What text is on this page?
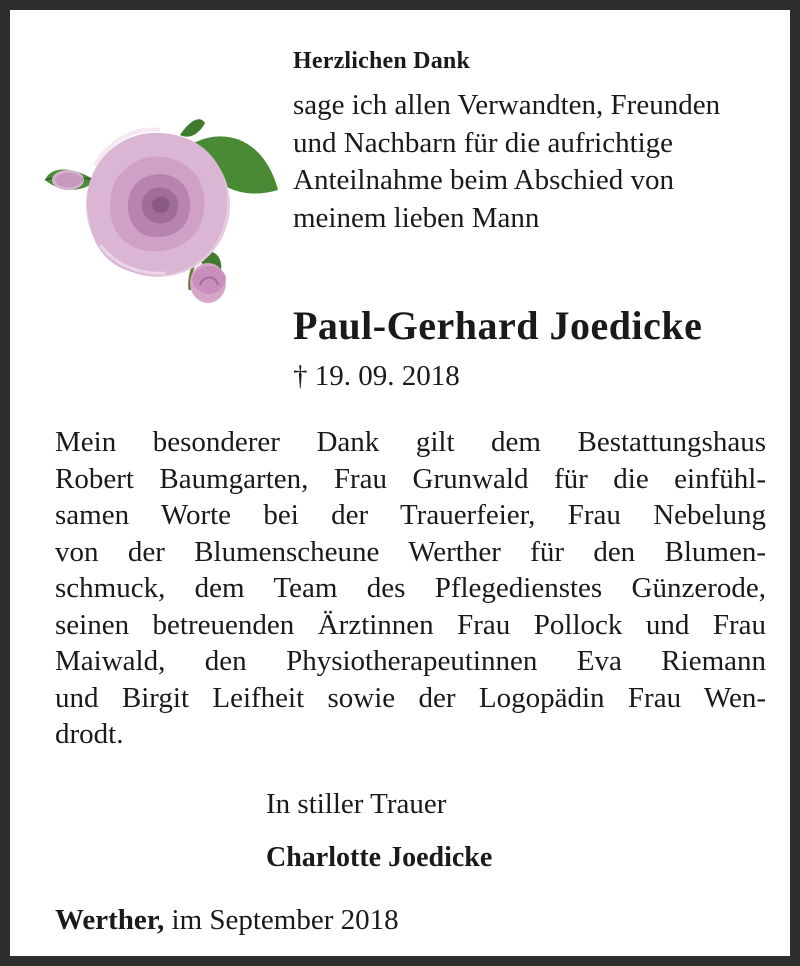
Herzlichen Dank

sage ich allen Verwandten, Freunden und Nachbarn für die aufrichtige Anteilnahme beim Abschied von meinem lieben Mann

Paul-Gerhard Joedicke

† 19. 09. 2018

Mein besonderer Dank gilt dem Bestattungshaus
Robert Baumgarten, Frau Grunwald für die einfühl-
samen Worte bei der Trauerfeier, Frau Nebelung
von der Blumenscheune Werther für den Blumen-
schmuck, dem Team des Pflegedienstes Günzerode,
seinen betreuenden Ärztinnen Frau Pollock und Frau
Maiwald, den Physiotherapeutinnen Eva Riemann
und Birgit Leifheit sowie der Logopädin Frau Wen-
drodt.

In stiller Trauer

Charlotte Joedicke

Werther, im September 2018
